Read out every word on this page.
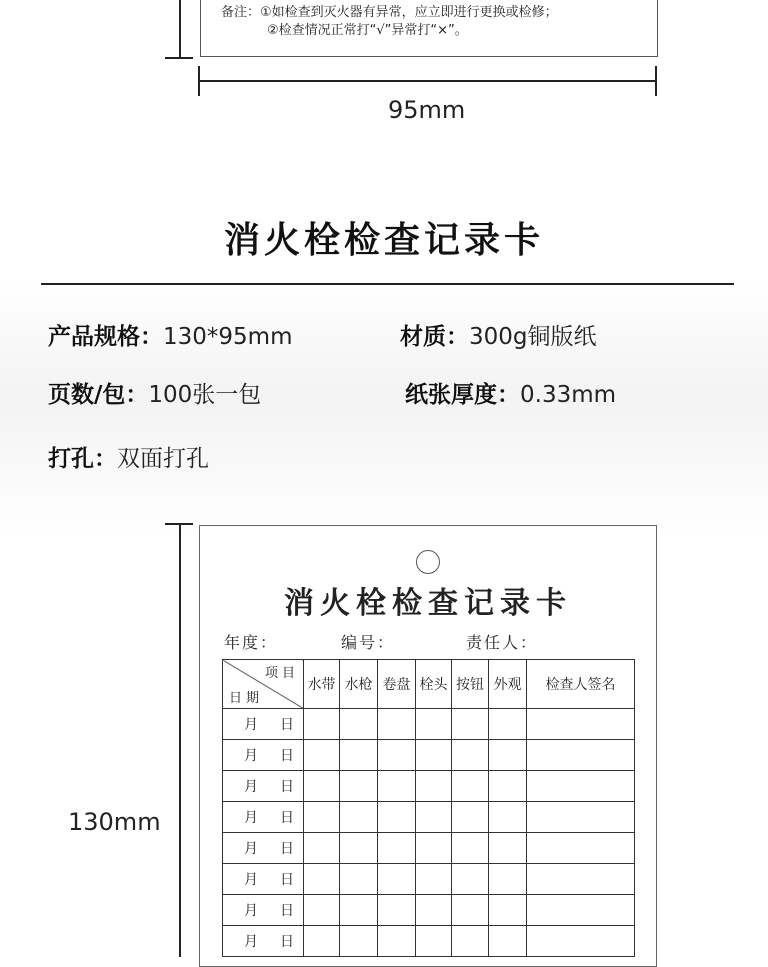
备注：①如检查到灭火器有异常，应立即进行更换或检修；
②检查情况正常打“√”异常打“×”。
95mm
消火栓检查记录卡
产品规格：130*95mm	材质：300g铜版纸
页数/包：100张一包	纸张厚度：0.33mm
打孔：双面打孔
130mm
消火栓检查记录卡
年度：	编号：	责任人：
项目
日期	水带	水枪	卷盘	栓头	按钮	外观	检查人签名
月 日							
月 日							
月 日							
月 日							
月 日							
月 日							
月 日							
月 日							
